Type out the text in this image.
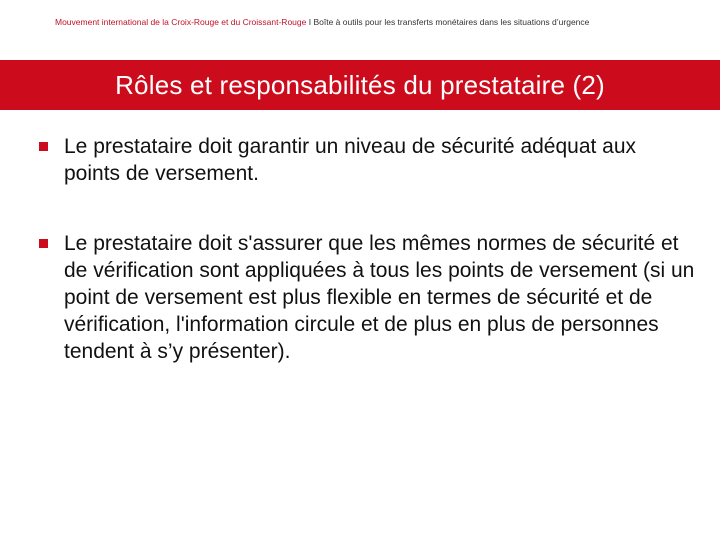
Mouvement international de la Croix-Rouge et du Croissant-Rouge I Boîte à outils pour les transferts monétaires dans les situations d’urgence
Rôles et responsabilités du prestataire (2)
Le prestataire doit garantir un niveau de sécurité adéquat aux points de versement.
Le prestataire doit s'assurer que les mêmes normes de sécurité et de vérification sont appliquées à tous les points de versement (si un point de versement est plus flexible en termes de sécurité et de vérification, l'information circule et de plus en plus de personnes tendent à s’y présenter).
